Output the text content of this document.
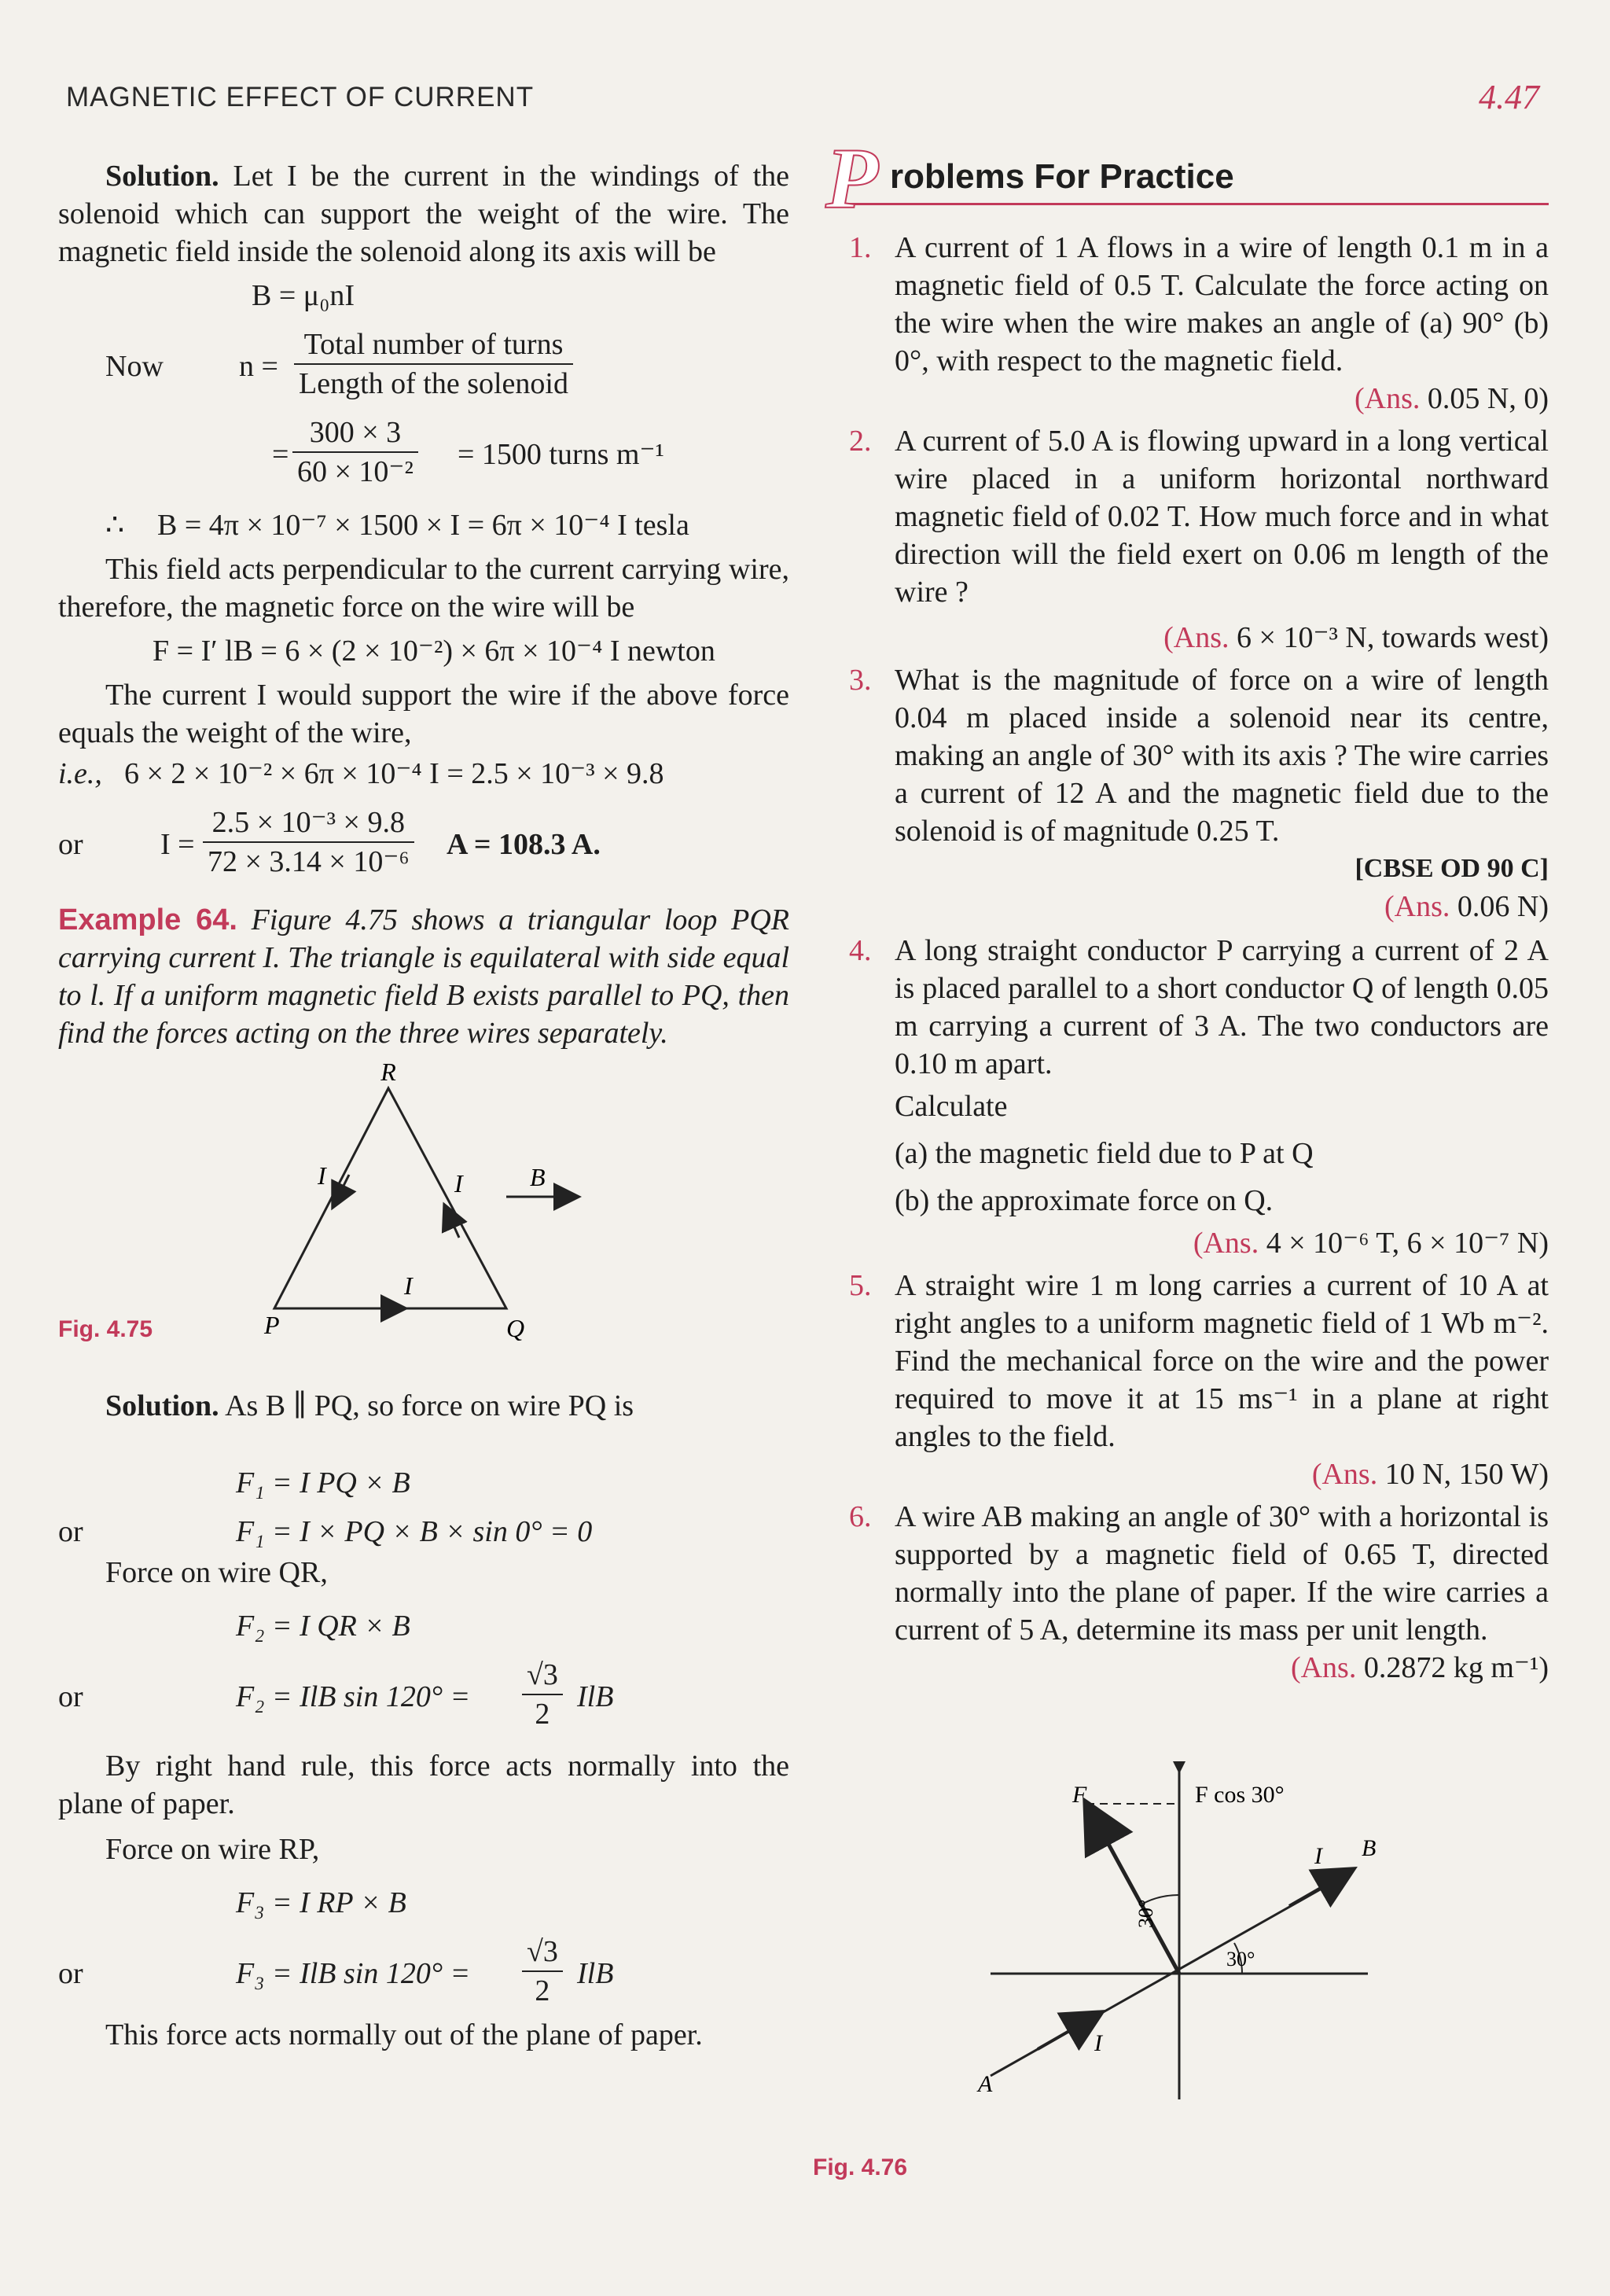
MAGNETIC EFFECT OF CURRENT	4.47

Solution. Let I be the current in the windings of the solenoid which can support the weight of the wire. The magnetic field inside the solenoid along its axis will be

B = μ₀nI
Now	n =
Total number of turns
Length of the solenoid
= $\frac{300 \times 3}{\text{60 × 10⁻²}} = 1500$ turns m⁻¹
∴ B = 4π × 10⁻⁷ × 1500 × I = 6π × 10⁻⁴ I tesla

This field acts perpendicular to the current carrying wire, therefore, the magnetic force on the wire will be

F = I′ lB = 6 × (2 × 10⁻²) × 6π × 10⁻⁴ I newton

The current I would support the wire if the above force equals the weight of the wire,

i.e., 6 × 2 × 10⁻² × 6π × 10⁻⁴ I = 2.5 × 10⁻³ × 9.8
or	$I = \frac{\text{2.5 × 10⁻³ × 9.8}}{\text{72 × 3.14 × 10⁻⁶}}$ A = 108.3 A.

Example 64. Figure 4.75 shows a triangular loop PQR carrying current I. The triangle is equilateral with side equal to l. If a uniform magnetic field B exists parallel to PQ, then find the forces acting on the three wires separately.

R
P	Q
I
I
I	B
Fig. 4.75

Solution. As B ∥ PQ, so force on wire PQ is

F₁ = I PQ × B
or	F₁ = I × PQ × B × sin 0° = 0

Force on wire QR,

F₂ = I QR × B
or	F₂ = IlB $\sin 120^\circ = \frac{√3}{2}$ IlB

By right hand rule, this force acts normally into the plane of paper.

Force on wire RP,

F₃ = I RP × B
or	F₃ = IlB $\sin 120^\circ = \frac{√3}{2}$ IlB

This force acts normally out of the plane of paper.

P roblems For Practice
1. A current of 1 A flows in a wire of length 0.1 m in a magnetic field of 0.5 T. Calculate the force acting on the wire when the wire makes an angle of (a) 90° (b) 0°, with respect to the magnetic field.

(Ans. 0.05 N, 0)
2. A current of 5.0 A is flowing upward in a long vertical wire placed in a uniform horizontal northward magnetic field of 0.02 T. How much force and in what direction will the field exert on 0.06 m length of the wire ?

(Ans. 6 × 10⁻³ N, towards west)
3. What is the magnitude of force on a wire of length 0.04 m placed inside a solenoid near its centre, making an angle of 30° with its axis ? The wire carries a current of 12 A and the magnetic field due to the solenoid is of magnitude 0.25 T.

[CBSE OD 90 C]
(Ans. 0.06 N)
4. A long straight conductor P carrying a current of 2 A is placed parallel to a short conductor Q of length 0.05 m carrying a current of 3 A. The two conductors are 0.10 m apart.

Calculate
(a) the magnetic field due to P at Q
(b) the approximate force on Q.
(Ans. 4 × 10⁻⁶ T, 6 × 10⁻⁷ N)
5. A straight wire 1 m long carries a current of 10 A at right angles to a uniform magnetic field of 1 Wb m⁻². Find the mechanical force on the wire and the power required to move it at 15 ms⁻¹ in a plane at right angles to the field.

(Ans. 10 N, 150 W)
6. A wire AB making an angle of 30° with a horizontal is supported by a magnetic field of 0.65 T, directed normally into the plane of paper. If the wire carries a current of 5 A, determine its mass per unit length.

(Ans. 0.2872 kg m⁻¹)
F	F cos 30°
I B
I
A
30°
30°
Fig. 4.76
